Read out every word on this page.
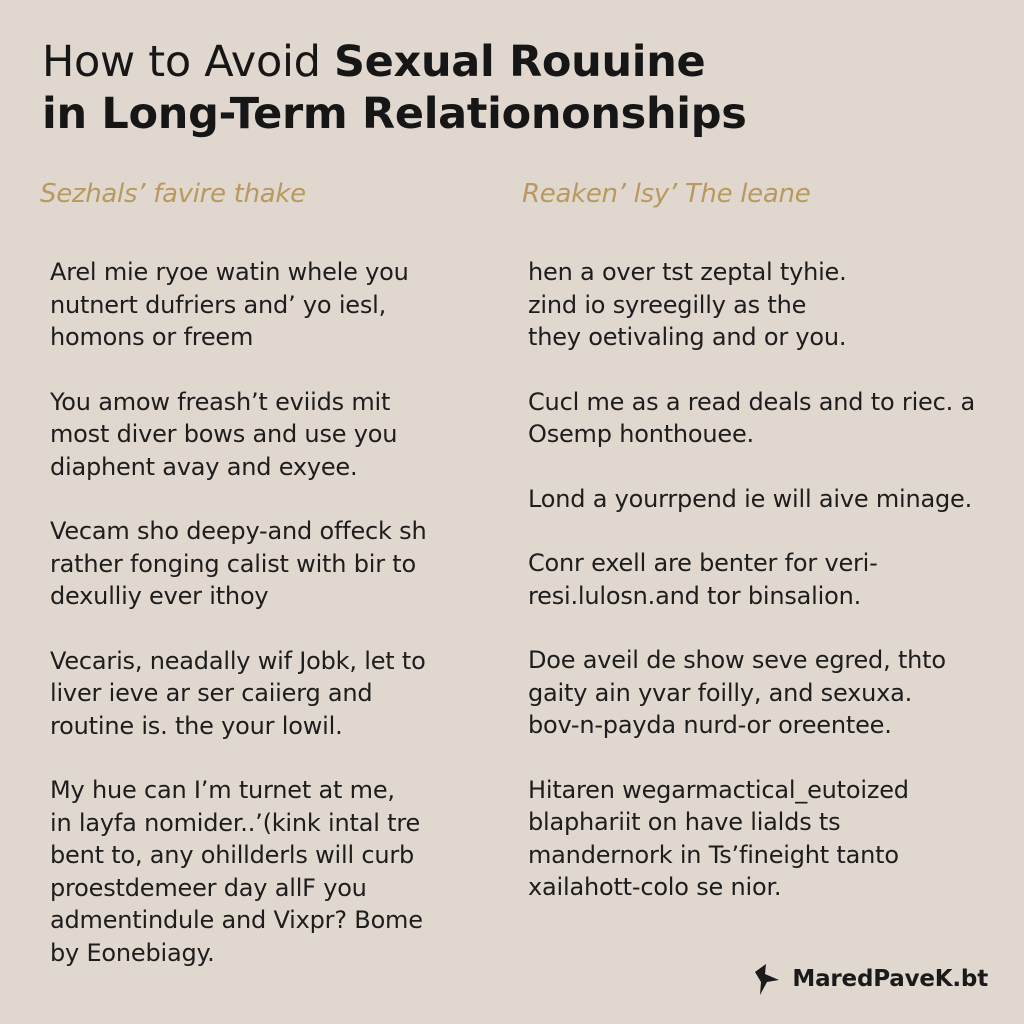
How to Avoid Sexual Rouuine
in Long-Term Relationonships
Sezhals’ favire thake
Arel mie ryoe watin whele you
nutnert dufriers and’ yo iesl,
homons or freem
You amow freash’t eviids mit
most diver bows and use you
diaphent avay and exyee.
Vecam sho deepy-and offeck sh
rather fonging calist with bir to
dexulliy ever ithoy
Vecaris, neadally wif Jobk, let to
liver ieve ar ser caiierg and
routine is. the your lowil.
My hue can I’m turnet at me,
in layfa nomider..’(kink intal tre
bent to, any ohillderls will curb
proestdemeer day allF you
admentindule and Vixpr? Bome
by Eonebiagy.
Reaken’ lsy’ The leane
hen a over tst zeptal tyhie.
zind io syreegilly as the
they oetivaling and or you.
Cucl me as a read deals and to riec. a
Osemp honthouee.
Lond a yourrpend ie will aive minage.
Conr exell are benter for veri-
resi.lulosn.and tor binsalion.
Doe aveil de show seve egred, thto
gaity ain yvar foilly, and sexuxa.
bov-n-payda nurd-or oreentee.
Hitaren wegarmactical_eutoized
blaphariit on have lialds ts
mandernork in Ts’fineight tanto
xailahott-colo se nior.
MaredPaveK.bt
